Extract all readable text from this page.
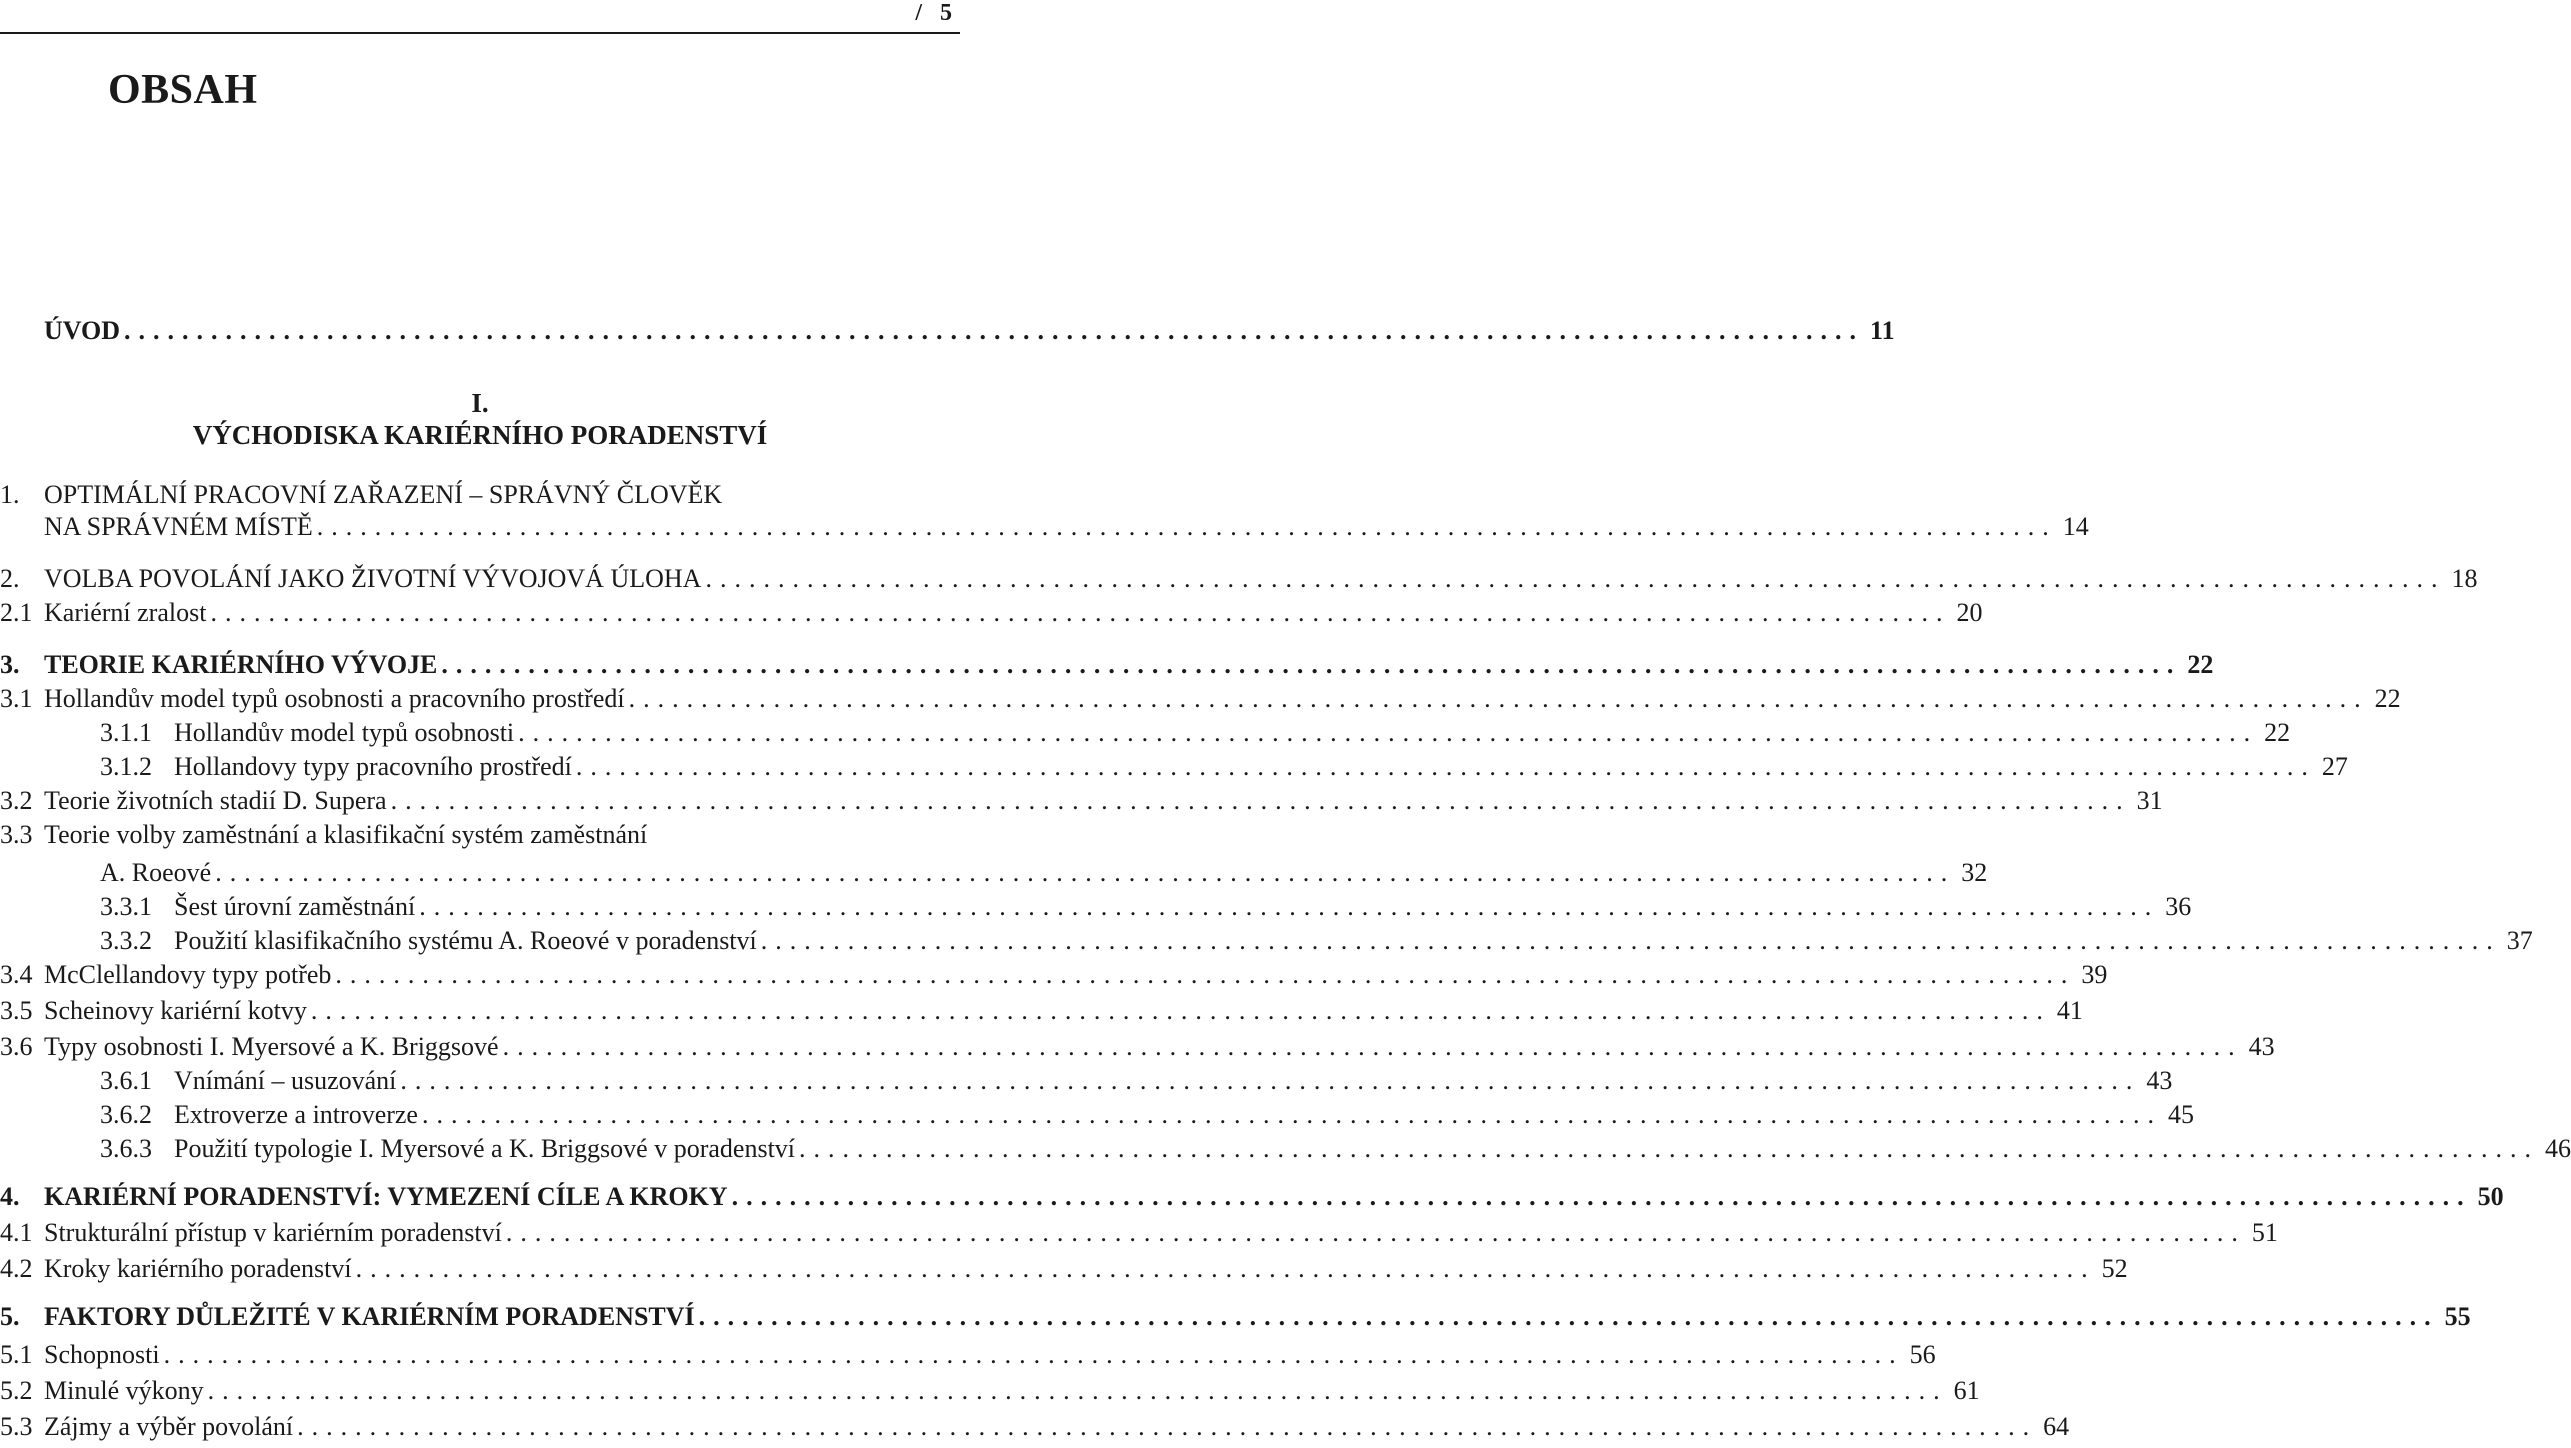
/   5
OBSAH
I.
VÝCHODISKA KARIÉRNÍHO PORADENSTVÍ
ÚVOD ........................................................................................................................ 11
1. OPTIMÁLNÍ PRACOVNÍ ZAŘAZENÍ – SPRÁVNÝ ČLOVĚK
NA SPRÁVNÉM MÍSTĚ ........................................................................................................................ 14
2. VOLBA POVOLÁNÍ JAKO ŽIVOTNÍ VÝVOJOVÁ ÚLOHA ........................................................................................................................ 18
2.1 Kariérní zralost ........................................................................................................................ 20
3. TEORIE KARIÉRNÍHO VÝVOJE ........................................................................................................................ 22
3.1 Hollandův model typů osobnosti a pracovního prostředí ........................................................................................................................ 22
3.1.1 Hollandův model typů osobnosti ........................................................................................................................ 22
3.1.2 Hollandovy typy pracovního prostředí ........................................................................................................................ 27
3.2 Teorie životních stadií D. Supera ........................................................................................................................ 31
3.3 Teorie volby zaměstnání a klasifikační systém zaměstnání
A. Roeové ........................................................................................................................ 32
3.3.1 Šest úrovní zaměstnání ........................................................................................................................ 36
3.3.2 Použití klasifikačního systému A. Roeové v poradenství ........................................................................................................................ 37
3.4 McClellandovy typy potřeb ........................................................................................................................ 39
3.5 Scheinovy kariérní kotvy ........................................................................................................................ 41
3.6 Typy osobnosti I. Myersové a K. Briggsové ........................................................................................................................ 43
3.6.1 Vnímání – usuzování ........................................................................................................................ 43
3.6.2 Extroverze a introverze ........................................................................................................................ 45
3.6.3 Použití typologie I. Myersové a K. Briggsové v poradenství ........................................................................................................................ 46
4. KARIÉRNÍ PORADENSTVÍ: VYMEZENÍ CÍLE A KROKY ........................................................................................................................ 50
4.1 Strukturální přístup v kariérním poradenství ........................................................................................................................ 51
4.2 Kroky kariérního poradenství ........................................................................................................................ 52
5. FAKTORY DŮLEŽITÉ V KARIÉRNÍM PORADENSTVÍ ........................................................................................................................ 55
5.1 Schopnosti ........................................................................................................................ 56
5.2 Minulé výkony ........................................................................................................................ 61
5.3 Zájmy a výběr povolání ........................................................................................................................ 64
